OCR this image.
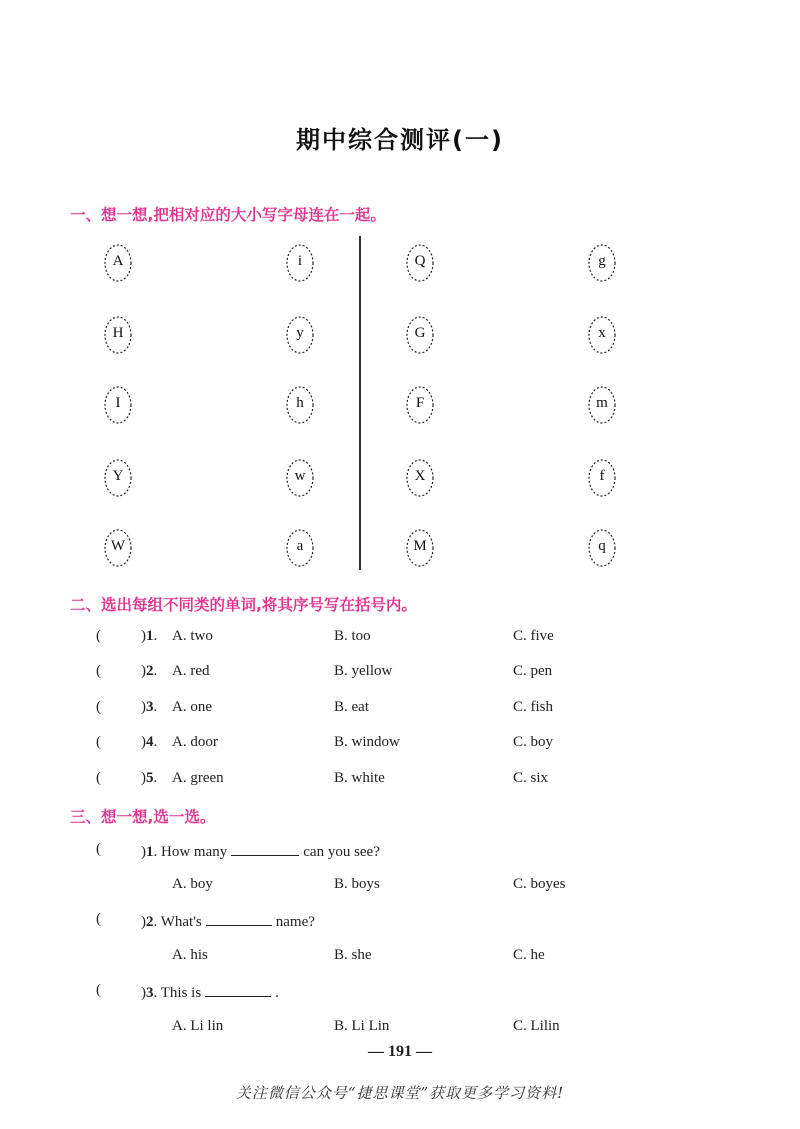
期中综合测评(一)
一、想一想,把相对应的大小写字母连在一起。
A
H
I
Y
W
i
y
h
w
a
Q
G
F
X
M
g
x
m
f
q
二、选出每组不同类的单词,将其序号写在括号内。
(	)1. A. two	B. too	C. five
(	)2. A. red	B. yellow	C. pen
(	)3. A. one	B. eat	C. fish
(	)4. A. door	B. window	C. boy
(	)5. A. green	B. white	C. six
三、想一想,选一选。
(	)1. How many	can you see?
A. boy	B. boys	C. boyes
(	)2. What's	name?
A. his	B. she	C. he
(	)3. This is	.
A. Li lin	B. Li Lin	C. Lilin
— 191 —
关注微信公众号“捷思课堂”获取更多学习资料!
